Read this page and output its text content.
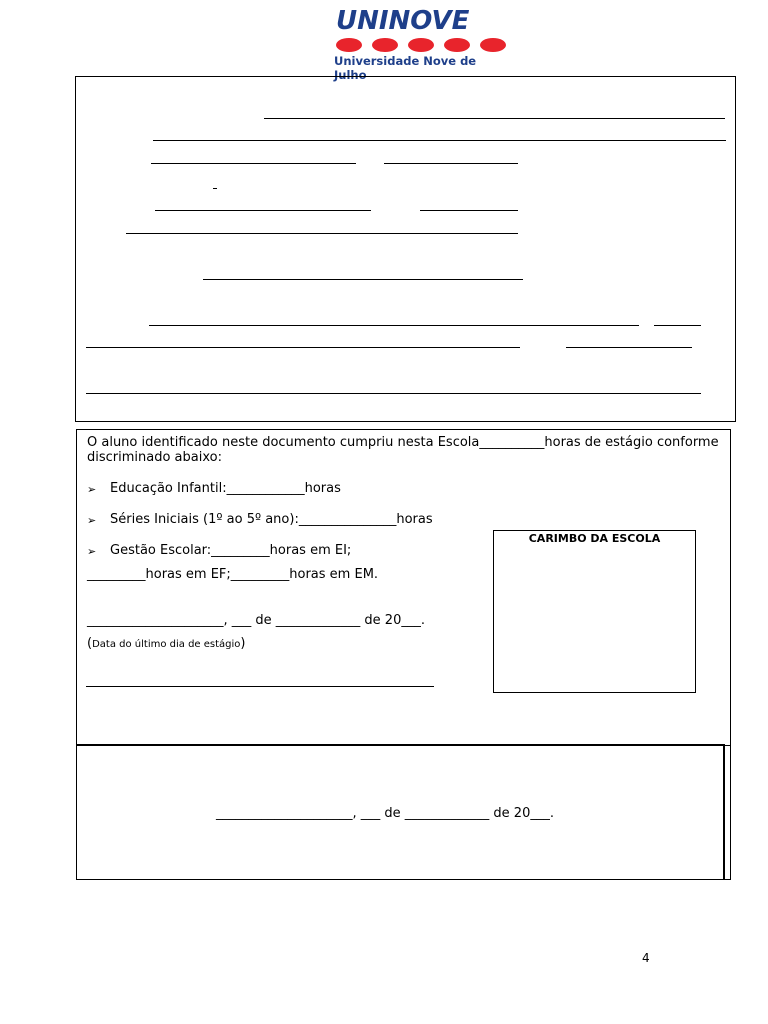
UNINOVE
Universidade Nove de Julho
O aluno identificado neste documento cumpriu nesta Escola__________horas de estágio conforme
discriminado abaixo:
➢ Educação Infantil:____________horas
➢ Séries Iniciais (1º ao 5º ano):_______________horas
➢ Gestão Escolar:_________horas em EI;
_________horas em EF;_________horas em EM.
_____________________, ___ de _____________ de 20___.
(Data do último dia de estágio)
CARIMBO DA ESCOLA
_____________________, ___ de _____________ de 20___.
4
